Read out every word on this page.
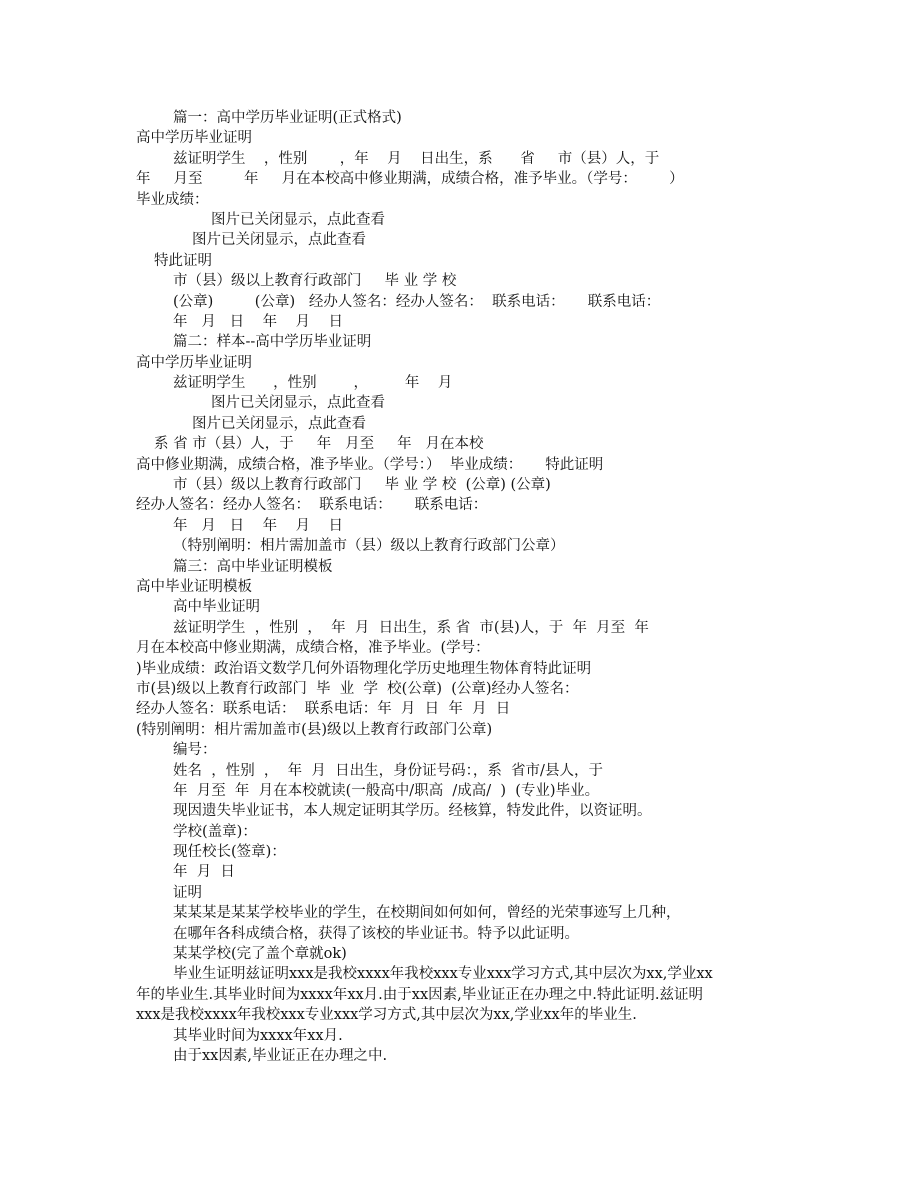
篇一：高中学历毕业证明(正式格式)
高中学历毕业证明
兹证明学生    ，性别       ，年    月    日出生，系      省     市（县）人，于
年     月至         年     月在本校高中修业期满，成绩合格，准予毕业。（学号：       ）
毕业成绩：
图片已关闭显示，点此查看
图片已关闭显示，点此查看
特此证明
市（县）级以上教育行政部门     毕 业 学 校
(公章)         (公章)   经办人签名：经办人签名：  联系电话：     联系电话：
年   月   日    年    月    日
篇二：样本--高中学历毕业证明
高中学历毕业证明
兹证明学生      ，性别        ，        年    月
图片已关闭显示，点此查看
图片已关闭显示，点此查看
系 省 市（县）人，于     年   月至     年   月在本校
高中修业期满，成绩合格，准予毕业。（学号：）  毕业成绩：     特此证明
市（县）级以上教育行政部门     毕 业 学 校  (公章) (公章)
经办人签名：经办人签名：  联系电话：     联系电话：
年   月   日    年    月    日
（特别阐明：相片需加盖市（县）级以上教育行政部门公章）
篇三：高中毕业证明模板
高中毕业证明模板
高中毕业证明
兹证明学生  ，性别  ，  年  月  日出生，系 省  市(县)人，于  年  月至  年
月在本校高中修业期满，成绩合格，准予毕业。(学号：
)毕业成绩：政治语文数学几何外语物理化学历史地理生物体育特此证明
市(县)级以上教育行政部门  毕  业  学  校(公章)  (公章)经办人签名：
经办人签名：联系电话：  联系电话：年  月  日  年  月  日
(特别阐明：相片需加盖市(县)级以上教育行政部门公章)
编号：
姓名  ，性别  ，  年  月  日出生，身份证号码：，系  省市/县人，于
年  月至  年  月在本校就读(一般高中/职高  /成高/  )  (专业)毕业。
现因遗失毕业证书，本人规定证明其学历。经核算，特发此件，以资证明。
学校(盖章)：
现任校长(签章)：
年  月  日
证明
某某某是某某学校毕业的学生，在校期间如何如何，曾经的光荣事迹写上几种，
在哪年各科成绩合格，获得了该校的毕业证书。特予以此证明。
某某学校(完了盖个章就ok)
毕业生证明兹证明xxx是我校xxxx年我校xxx专业xxx学习方式,其中层次为xx,学业xx
年的毕业生.其毕业时间为xxxx年xx月.由于xx因素,毕业证正在办理之中.特此证明.兹证明
xxx是我校xxxx年我校xxx专业xxx学习方式,其中层次为xx,学业xx年的毕业生.
其毕业时间为xxxx年xx月.
由于xx因素,毕业证正在办理之中.
